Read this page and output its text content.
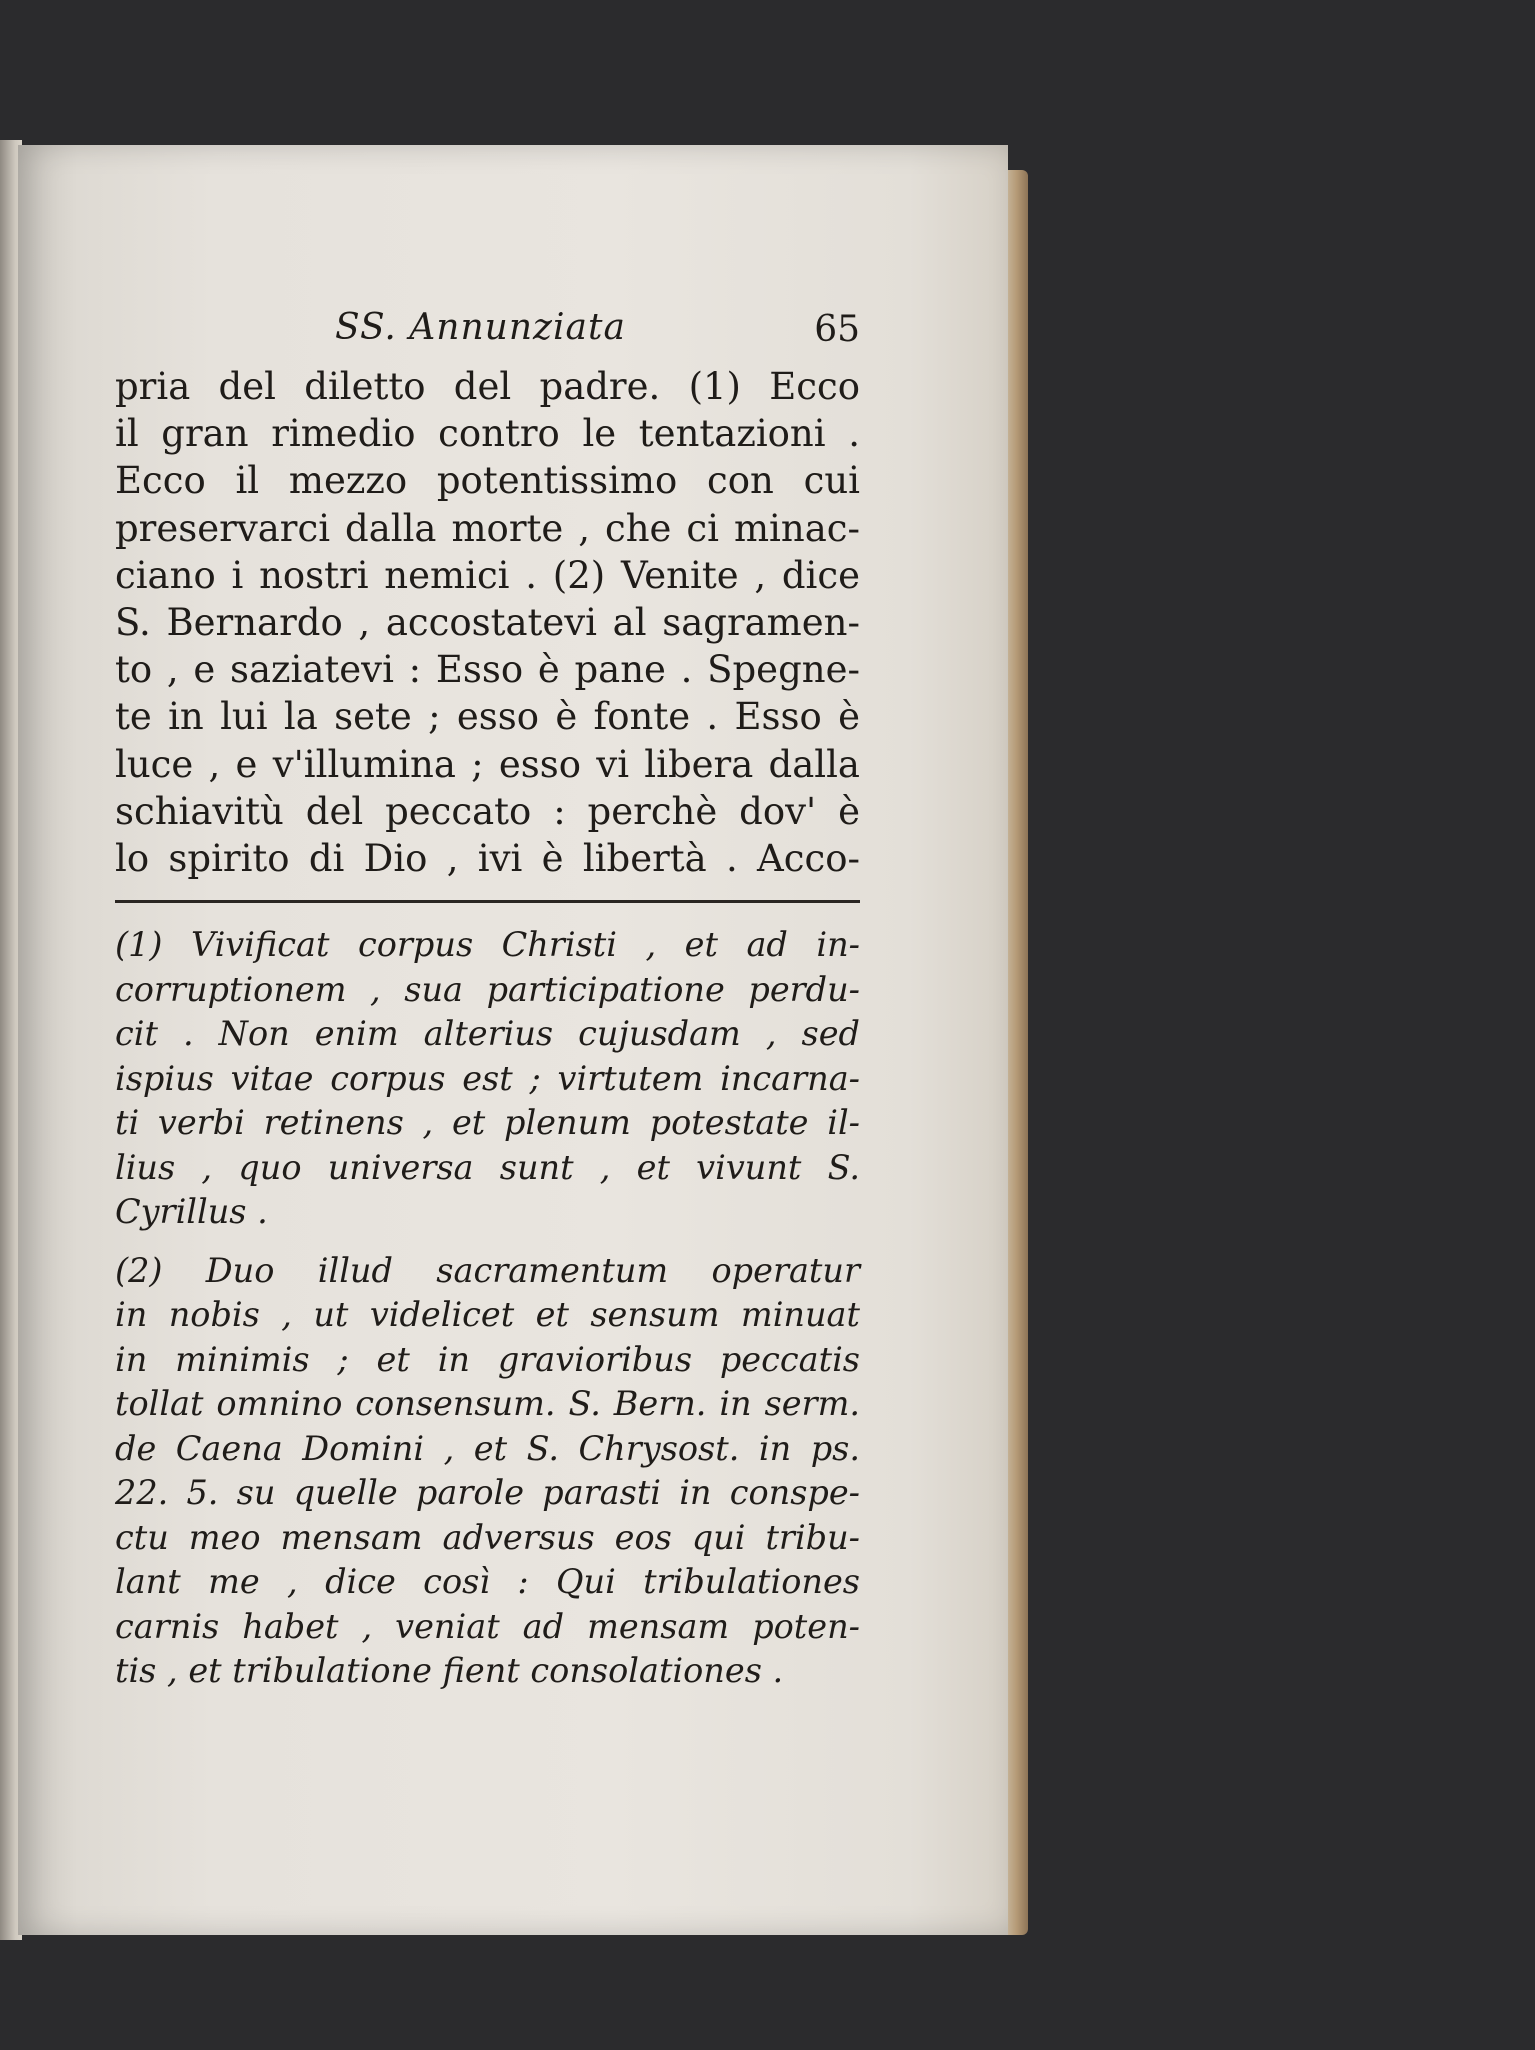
SS. Annunziata	65
pria del diletto del padre. (1) Ecco
il gran rimedio contro le tentazioni .
Ecco il mezzo potentissimo con cui
preservarci dalla morte , che ci minac-
ciano i nostri nemici . (2) Venite , dice
S. Bernardo , accostatevi al sagramen-
to , e saziatevi : Esso è pane . Spegne-
te in lui la sete ; esso è fonte . Esso è
luce , e v'illumina ; esso vi libera dalla
schiavitù del peccato : perchè dov' è
lo spirito di Dio , ivi è libertà . Acco-
(1) Vivificat corpus Christi , et ad in-
corruptionem , sua participatione perdu-
cit . Non enim alterius cujusdam , sed
ispius vitae corpus est ; virtutem incarna-
ti verbi retinens , et plenum potestate il-
lius , quo universa sunt , et vivunt S.
Cyrillus .
(2) Duo illud sacramentum operatur
in nobis , ut videlicet et sensum minuat
in minimis ; et in gravioribus peccatis
tollat omnino consensum. S. Bern. in serm.
de Caena Domini , et S. Chrysost. in ps.
22. 5. su quelle parole parasti in conspe-
ctu meo mensam adversus eos qui tribu-
lant me , dice così : Qui tribulationes
carnis habet , veniat ad mensam poten-
tis , et tribulatione fient consolationes .
